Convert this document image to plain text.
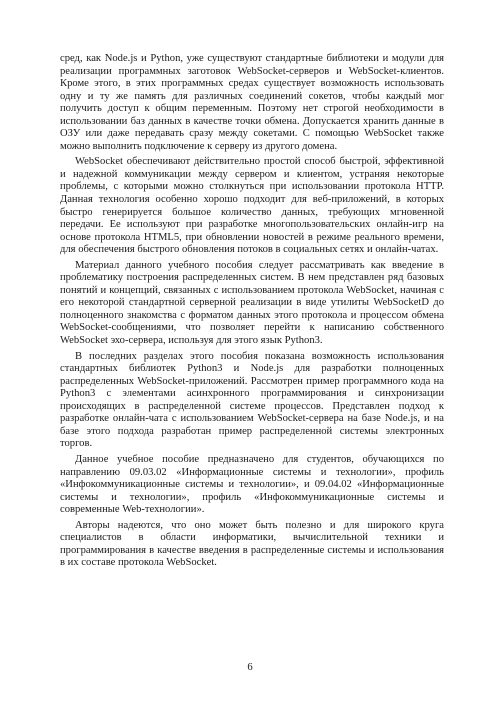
сред, как Node.js и Python, уже существуют стандартные библиотеки и модули для реализации программных заготовок WebSocket-серверов и WebSocket-клиентов. Кроме этого, в этих программных средах существует возможность использовать одну и ту же память для различных соединений сокетов, чтобы каждый мог получить доступ к общим переменным. Поэтому нет строгой необходимости в использовании баз данных в качестве точки обмена. Допускается хранить данные в ОЗУ или даже передавать сразу между сокетами. С помощью WebSocket также можно выполнить подключение к серверу из другого домена.

WebSocket обеспечивают действительно простой способ быстрой, эффективной и надежной коммуникации между сервером и клиентом, устраняя некоторые проблемы, с которыми можно столкнуться при использовании протокола HTTP. Данная технология особенно хорошо подходит для веб-приложений, в которых быстро генерируется большое количество данных, требующих мгновенной передачи. Ее используют при разработке многопользовательских онлайн-игр на основе протокола HTML5, при обновлении новостей в режиме реального времени, для обеспечения быстрого обновления потоков в социальных сетях и онлайн-чатах.

Материал данного учебного пособия следует рассматривать как введение в проблематику построения распределенных систем. В нем представлен ряд базовых понятий и концепций, связанных с использованием протокола WebSocket, начиная с его некоторой стандартной серверной реализации в виде утилиты WebSocketD до полноценного знакомства с форматом данных этого протокола и процессом обмена WebSocket-сообщениями, что позволяет перейти к написанию собственного WebSocket эхо-сервера, используя для этого язык Python3.

В последних разделах этого пособия показана возможность использования стандартных библиотек Python3 и Node.js для разработки полноценных распределенных WebSocket-приложений. Рассмотрен пример программного кода на Python3 с элементами асинхронного программирования и синхронизации происходящих в распределенной системе процессов. Представлен подход к разработке онлайн-чата с использованием WebSocket-сервера на базе Node.js, и на базе этого подхода разработан пример распределенной системы электронных торгов.

Данное учебное пособие предназначено для студентов, обучающихся по направлению 09.03.02 «Информационные системы и технологии», профиль «Инфокоммуникационные системы и технологии», и 09.04.02 «Информационные системы и технологии», профиль «Инфокоммуникационные системы и современные Web-технологии».

Авторы надеются, что оно может быть полезно и для широкого круга специалистов в области информатики, вычислительной техники и программирования в качестве введения в распределенные системы и использования в их составе протокола WebSocket.

6
